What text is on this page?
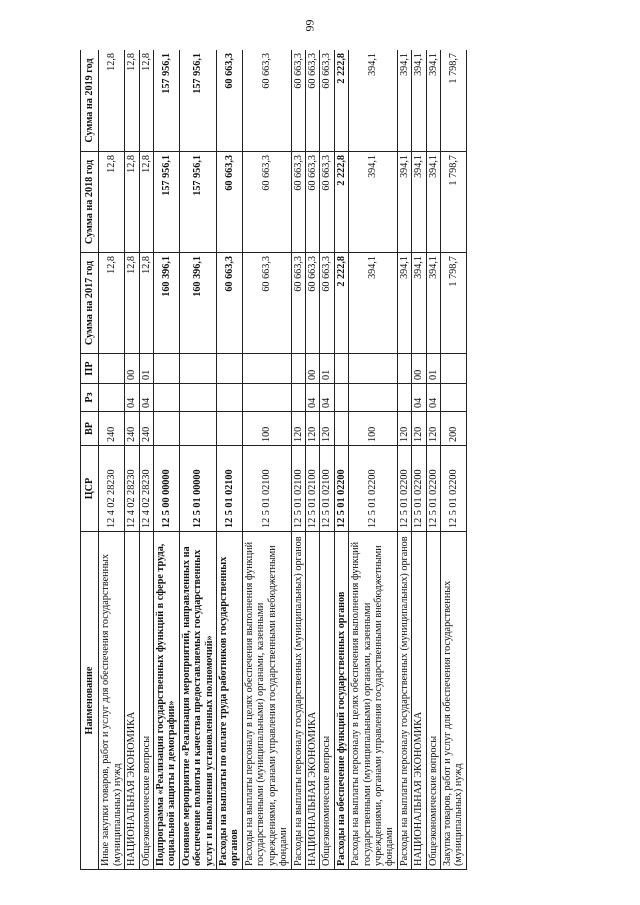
99
Наименование	ЦСР	ВР	Рз	ПР	Сумма на 2017 год	Сумма на 2018 год	Сумма на 2019 год
Иные закупки товаров, работ и услуг для обеспечения государственных (муниципальных) нужд	12 4 02 28230	240			12,8	12,8	12,8
НАЦИОНАЛЬНАЯ ЭКОНОМИКА	12 4 02 28230	240	04	00	12,8	12,8	12,8
Общеэкономические вопросы	12 4 02 28230	240	04	01	12,8	12,8	12,8
Подпрограмма «Реализация государственных функций в сфере труда, социальной защиты и демографии»	12 5 00 00000				160 396,1	157 956,1	157 956,1
Основное мероприятие «Реализация мероприятий, направленных на обеспечение полноты и качества предоставляемых государственных услуг и выполнения установленных полномочий»	12 5 01 00000				160 396,1	157 956,1	157 956,1
Расходы на выплаты по оплате труда работников государственных органов	12 5 01 02100				60 663,3	60 663,3	60 663,3
Расходы на выплаты персоналу в целях обеспечения выполнения функций государственными (муниципальными) органами, казенными учреждениями, органами управления государственными внебюджетными фондами	12 5 01 02100	100			60 663,3	60 663,3	60 663,3
Расходы на выплаты персоналу государственных (муниципальных) органов	12 5 01 02100	120			60 663,3	60 663,3	60 663,3
НАЦИОНАЛЬНАЯ ЭКОНОМИКА	12 5 01 02100	120	04	00	60 663,3	60 663,3	60 663,3
Общеэкономические вопросы	12 5 01 02100	120	04	01	60 663,3	60 663,3	60 663,3
Расходы на обеспечение функций государственных органов	12 5 01 02200				2 222,8	2 222,8	2 222,8
Расходы на выплаты персоналу в целях обеспечения выполнения функций государственными (муниципальными) органами, казенными учреждениями, органами управления государственными внебюджетными фондами	12 5 01 02200	100			394,1	394,1	394,1
Расходы на выплаты персоналу государственных (муниципальных) органов	12 5 01 02200	120			394,1	394,1	394,1
НАЦИОНАЛЬНАЯ ЭКОНОМИКА	12 5 01 02200	120	04	00	394,1	394,1	394,1
Общеэкономические вопросы	12 5 01 02200	120	04	01	394,1	394,1	394,1
Закупка товаров, работ и услуг для обеспечения государственных (муниципальных) нужд	12 5 01 02200	200			1 798,7	1 798,7	1 798,7
